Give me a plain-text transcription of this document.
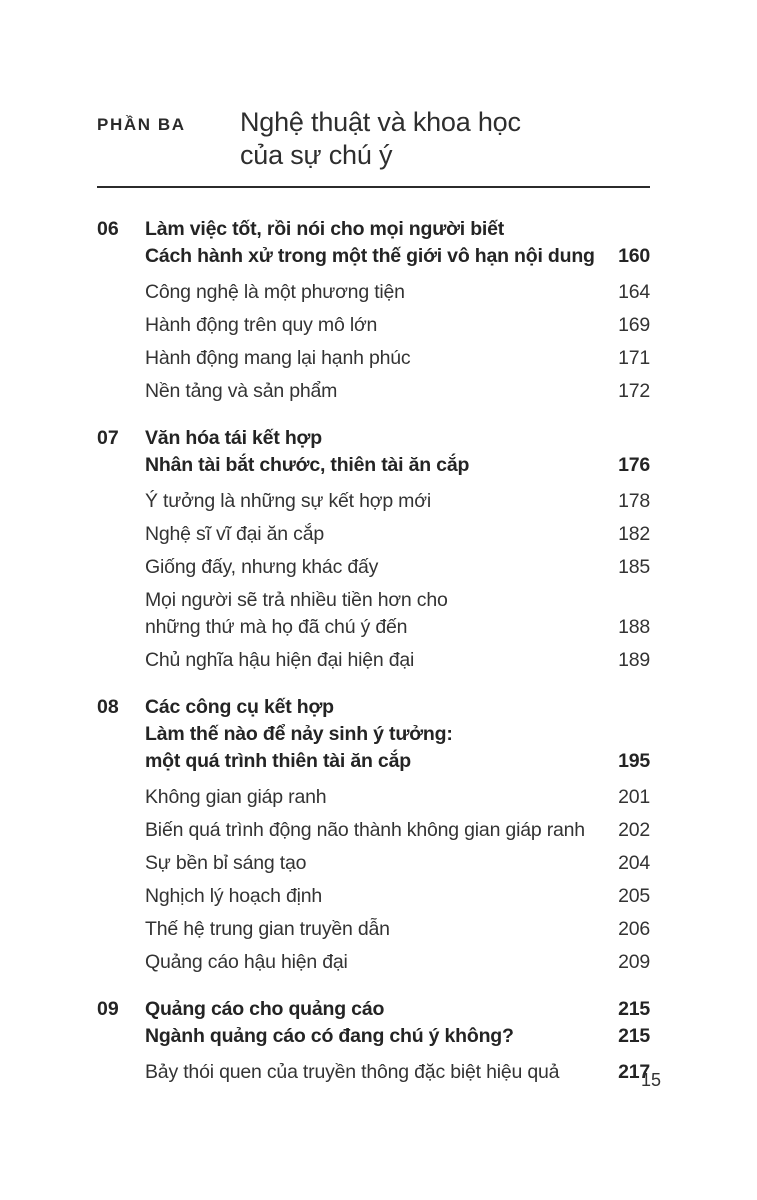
PHẦN BA	Nghệ thuật và khoa học
của sự chú ý
06	Làm việc tốt, rồi nói cho mọi người biết
Cách hành xử trong một thế giới vô hạn nội dung	160
Công nghệ là một phương tiện	164
Hành động trên quy mô lớn	169
Hành động mang lại hạnh phúc	171
Nền tảng và sản phẩm	172
07	Văn hóa tái kết hợp
Nhân tài bắt chước, thiên tài ăn cắp	176
Ý tưởng là những sự kết hợp mới	178
Nghệ sĩ vĩ đại ăn cắp	182
Giống đấy, nhưng khác đấy	185
Mọi người sẽ trả nhiều tiền hơn cho
những thứ mà họ đã chú ý đến	188
Chủ nghĩa hậu hiện đại hiện đại	189
08	Các công cụ kết hợp
Làm thế nào để nảy sinh ý tưởng:
một quá trình thiên tài ăn cắp	195
Không gian giáp ranh	201
Biến quá trình động não thành không gian giáp ranh	202
Sự bền bỉ sáng tạo	204
Nghịch lý hoạch định	205
Thế hệ trung gian truyền dẫn	206
Quảng cáo hậu hiện đại	209
09	Quảng cáo cho quảng cáo	215
Ngành quảng cáo có đang chú ý không?	215
Bảy thói quen của truyền thông đặc biệt hiệu quả	217
15
